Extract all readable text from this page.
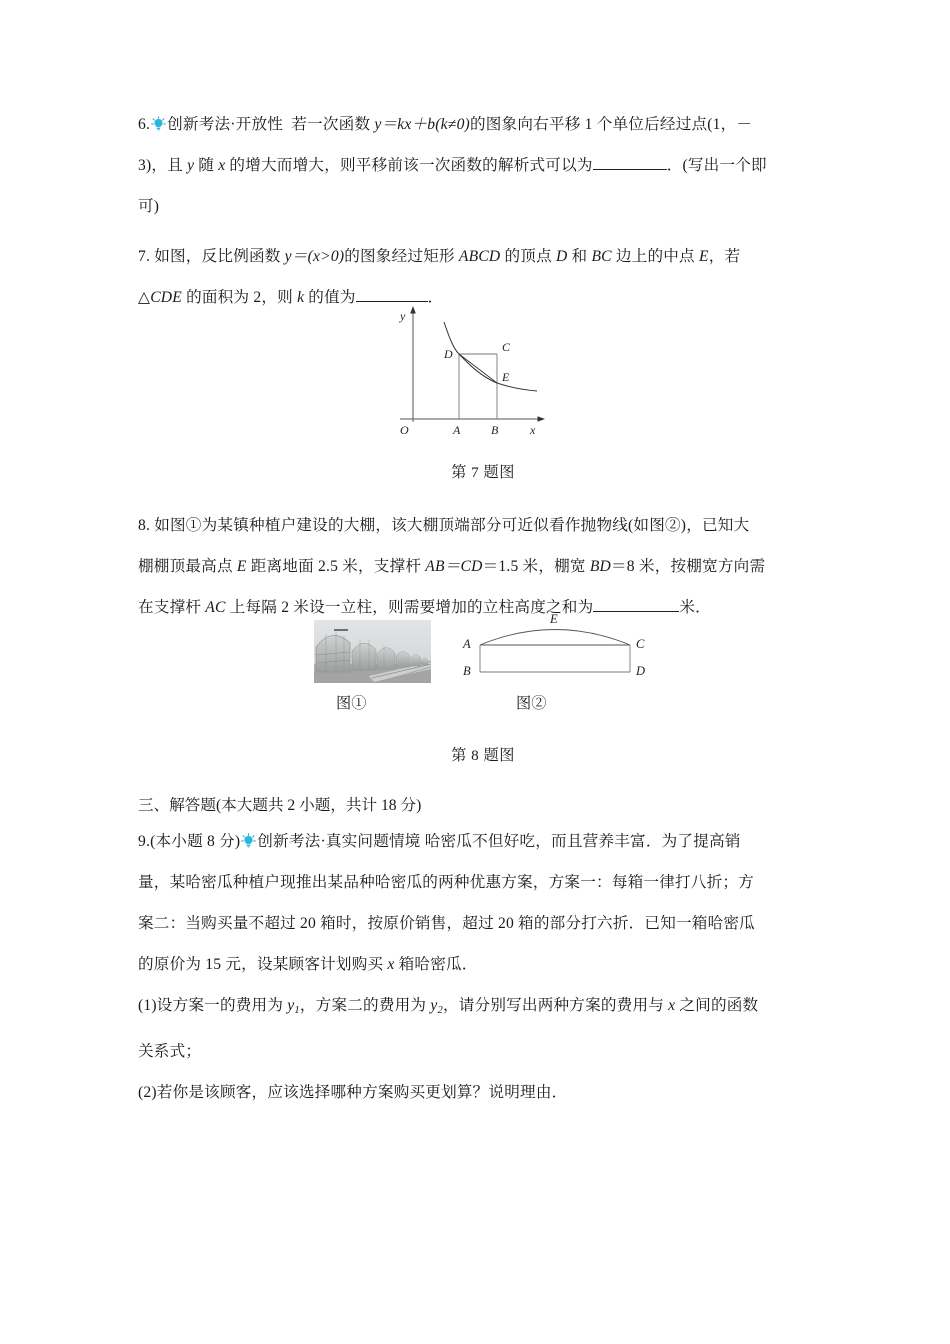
6. 创新考法·开放性 若一次函数 y＝kx＋b(k≠0)的图象向右平移 1 个单位后经过点(1，－
3)，且 y 随 x 的增大而增大，则平移前该一次函数的解析式可以为	．(写出一个即
可)
7. 如图，反比例函数 y＝(x>0)的图象经过矩形 ABCD 的顶点 D 和 BC 边上的中点 E，若
△CDE 的面积为 2，则 k 的值为	．
y
x
O	A	B
C
D
E
第 7 题图
8. 如图①为某镇种植户建设的大棚，该大棚顶端部分可近似看作抛物线(如图②)，已知大
棚棚顶最高点 E 距离地面 2.5 米，支撑杆 AB＝CD＝1.5 米，棚宽 BD＝8 米，按棚宽方向需
在支撑杆 AC 上每隔 2 米设一立柱，则需要增加的立柱高度之和为	米．
A
B
C
D
E
图①	图②
第 8 题图
三、解答题(本大题共 2 小题，共计 18 分)
9.(本小题 8 分) 创新考法·真实问题情境 哈密瓜不但好吃，而且营养丰富．为了提高销
量，某哈密瓜种植户现推出某品种哈密瓜的两种优惠方案，方案一：每箱一律打八折；方
案二：当购买量不超过 20 箱时，按原价销售，超过 20 箱的部分打六折．已知一箱哈密瓜
的原价为 15 元，设某顾客计划购买 x 箱哈密瓜．
(1)设方案一的费用为 $y_1$，方案二的费用为 $y_2$，请分别写出两种方案的费用与 x 之间的函数
关系式；
(2)若你是该顾客，应该选择哪种方案购买更划算？说明理由．
